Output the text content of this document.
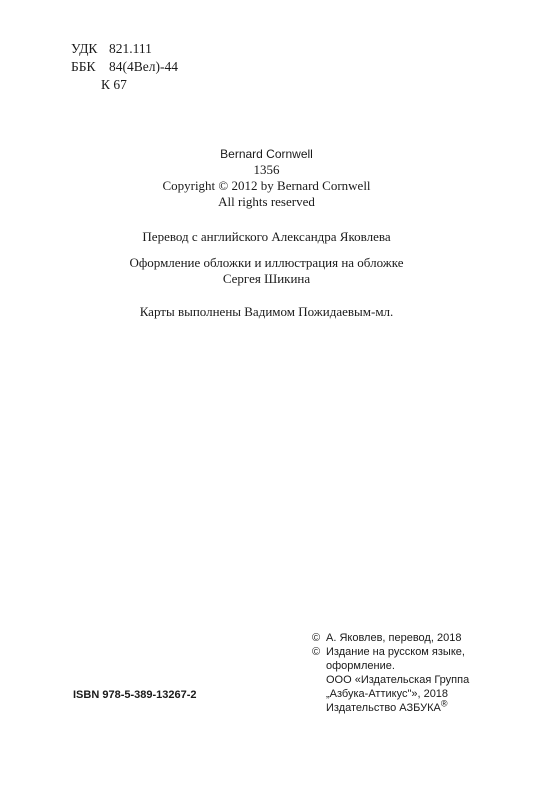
УДК 821.111
ББК 84(4Вел)-44
К 67
Bernard Cornwell
1356
Copyright © 2012 by Bernard Cornwell
All rights reserved
Перевод с английского Александра Яковлева
Оформление обложки и иллюстрация на обложке
Сергея Шикина
Карты выполнены Вадимом Пожидаевым-мл.
ISBN 978-5-389-13267-2
© А. Яковлев, перевод, 2018
© Издание на русском языке,
оформление.
ООО «Издательская Группа
„Азбука-Аттикус"», 2018
Издательство АЗБУКА®
